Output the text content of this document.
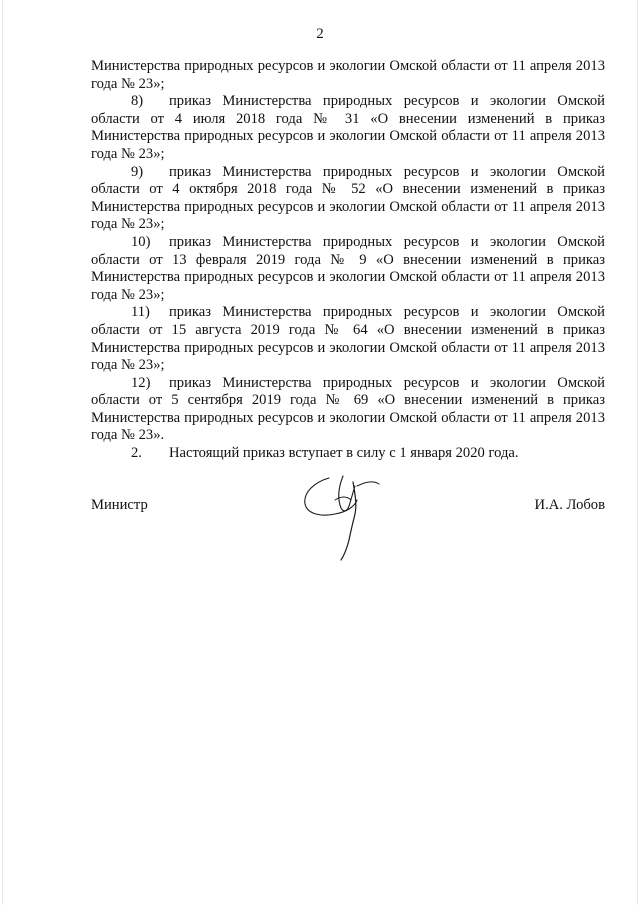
2

Министерства природных ресурсов и экологии Омской области от 11 апреля 2013 года № 23»;

8) приказ Министерства природных ресурсов и экологии Омской области от 4 июля 2018 года № 31 «О внесении изменений в приказ Министерства природных ресурсов и экологии Омской области от 11 апреля 2013 года № 23»;

9) приказ Министерства природных ресурсов и экологии Омской области от 4 октября 2018 года № 52 «О внесении изменений в приказ Министерства природных ресурсов и экологии Омской области от 11 апреля 2013 года № 23»;

10) приказ Министерства природных ресурсов и экологии Омской области от 13 февраля 2019 года № 9 «О внесении изменений в приказ Министерства природных ресурсов и экологии Омской области от 11 апреля 2013 года № 23»;

11) приказ Министерства природных ресурсов и экологии Омской области от 15 августа 2019 года № 64 «О внесении изменений в приказ Министерства природных ресурсов и экологии Омской области от 11 апреля 2013 года № 23»;

12) приказ Министерства природных ресурсов и экологии Омской области от 5 сентября 2019 года № 69 «О внесении изменений в приказ Министерства природных ресурсов и экологии Омской области от 11 апреля 2013 года № 23».

2. Настоящий приказ вступает в силу с 1 января 2020 года.

Министр	И.А. Лобов
